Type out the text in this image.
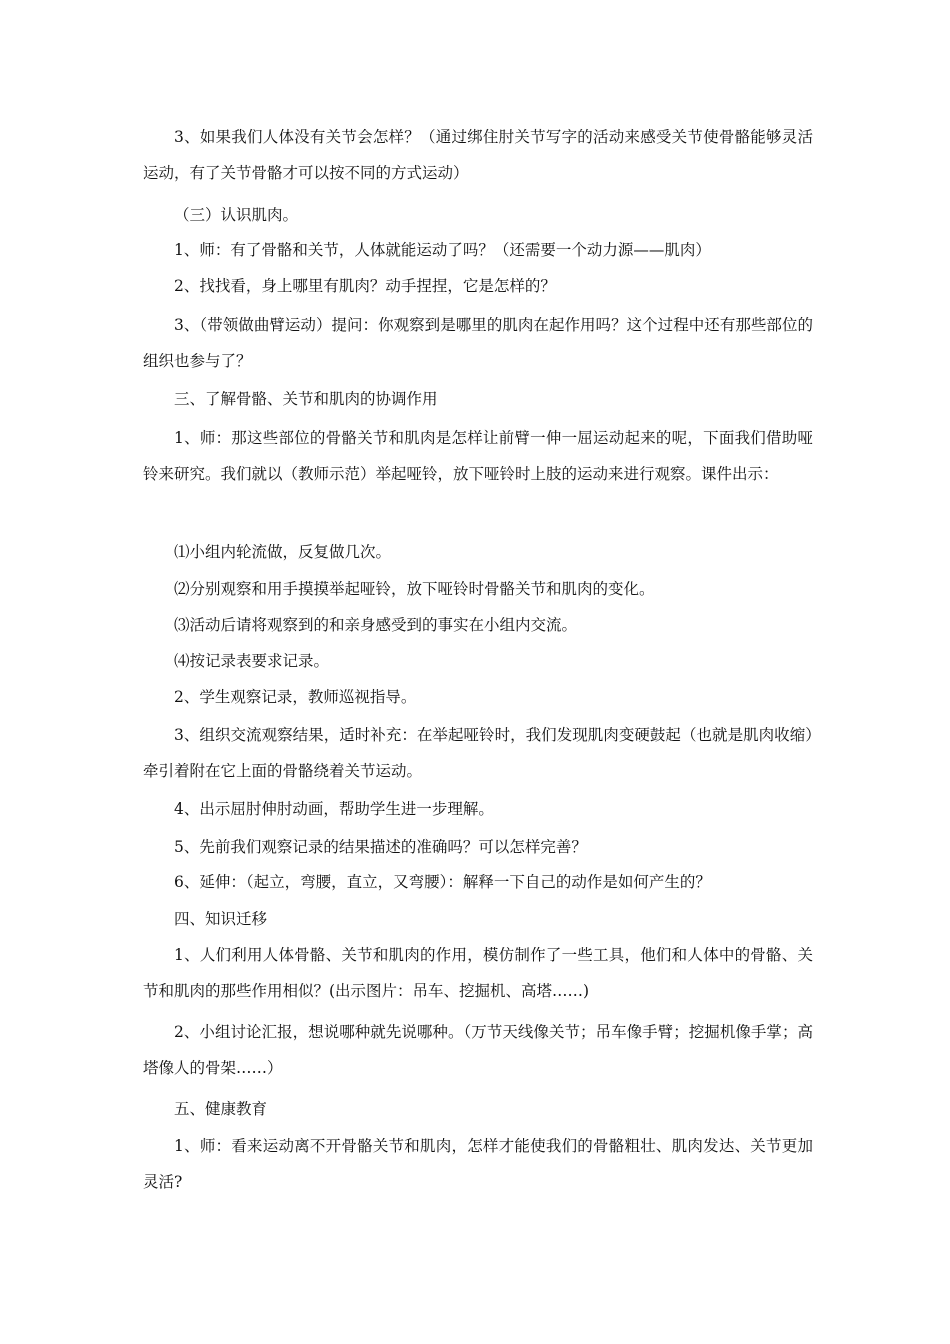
3、如果我们人体没有关节会怎样？（通过绑住肘关节写字的活动来感受关节使骨骼能够灵活运动，有了关节骨骼才可以按不同的方式运动）

（三）认识肌肉。

1、师：有了骨骼和关节，人体就能运动了吗？（还需要一个动力源——肌肉）

2、找找看，身上哪里有肌肉？动手捏捏，它是怎样的？

3、（带领做曲臂运动）提问：你观察到是哪里的肌肉在起作用吗？这个过程中还有那些部位的组织也参与了？

三、了解骨骼、关节和肌肉的协调作用

1、师：那这些部位的骨骼关节和肌肉是怎样让前臂一伸一屈运动起来的呢，下面我们借助哑铃来研究。我们就以（教师示范）举起哑铃，放下哑铃时上肢的运动来进行观察。课件出示：

⑴小组内轮流做，反复做几次。

⑵分别观察和用手摸摸举起哑铃，放下哑铃时骨骼关节和肌肉的变化。

⑶活动后请将观察到的和亲身感受到的事实在小组内交流。

⑷按记录表要求记录。

2、学生观察记录，教师巡视指导。

3、组织交流观察结果，适时补充：在举起哑铃时，我们发现肌肉变硬鼓起（也就是肌肉收缩）牵引着附在它上面的骨骼绕着关节运动。

4、出示屈肘伸肘动画，帮助学生进一步理解。

5、先前我们观察记录的结果描述的准确吗？可以怎样完善？

6、延伸：（起立，弯腰，直立，又弯腰）：解释一下自己的动作是如何产生的？

四、知识迁移

1、人们利用人体骨骼、关节和肌肉的作用，模仿制作了一些工具，他们和人体中的骨骼、关节和肌肉的那些作用相似？(出示图片：吊车、挖掘机、高塔……)

2、小组讨论汇报，想说哪种就先说哪种。（万节天线像关节；吊车像手臂；挖掘机像手掌；高塔像人的骨架……）

五、健康教育

1、师：看来运动离不开骨骼关节和肌肉，怎样才能使我们的骨骼粗壮、肌肉发达、关节更加灵活?
